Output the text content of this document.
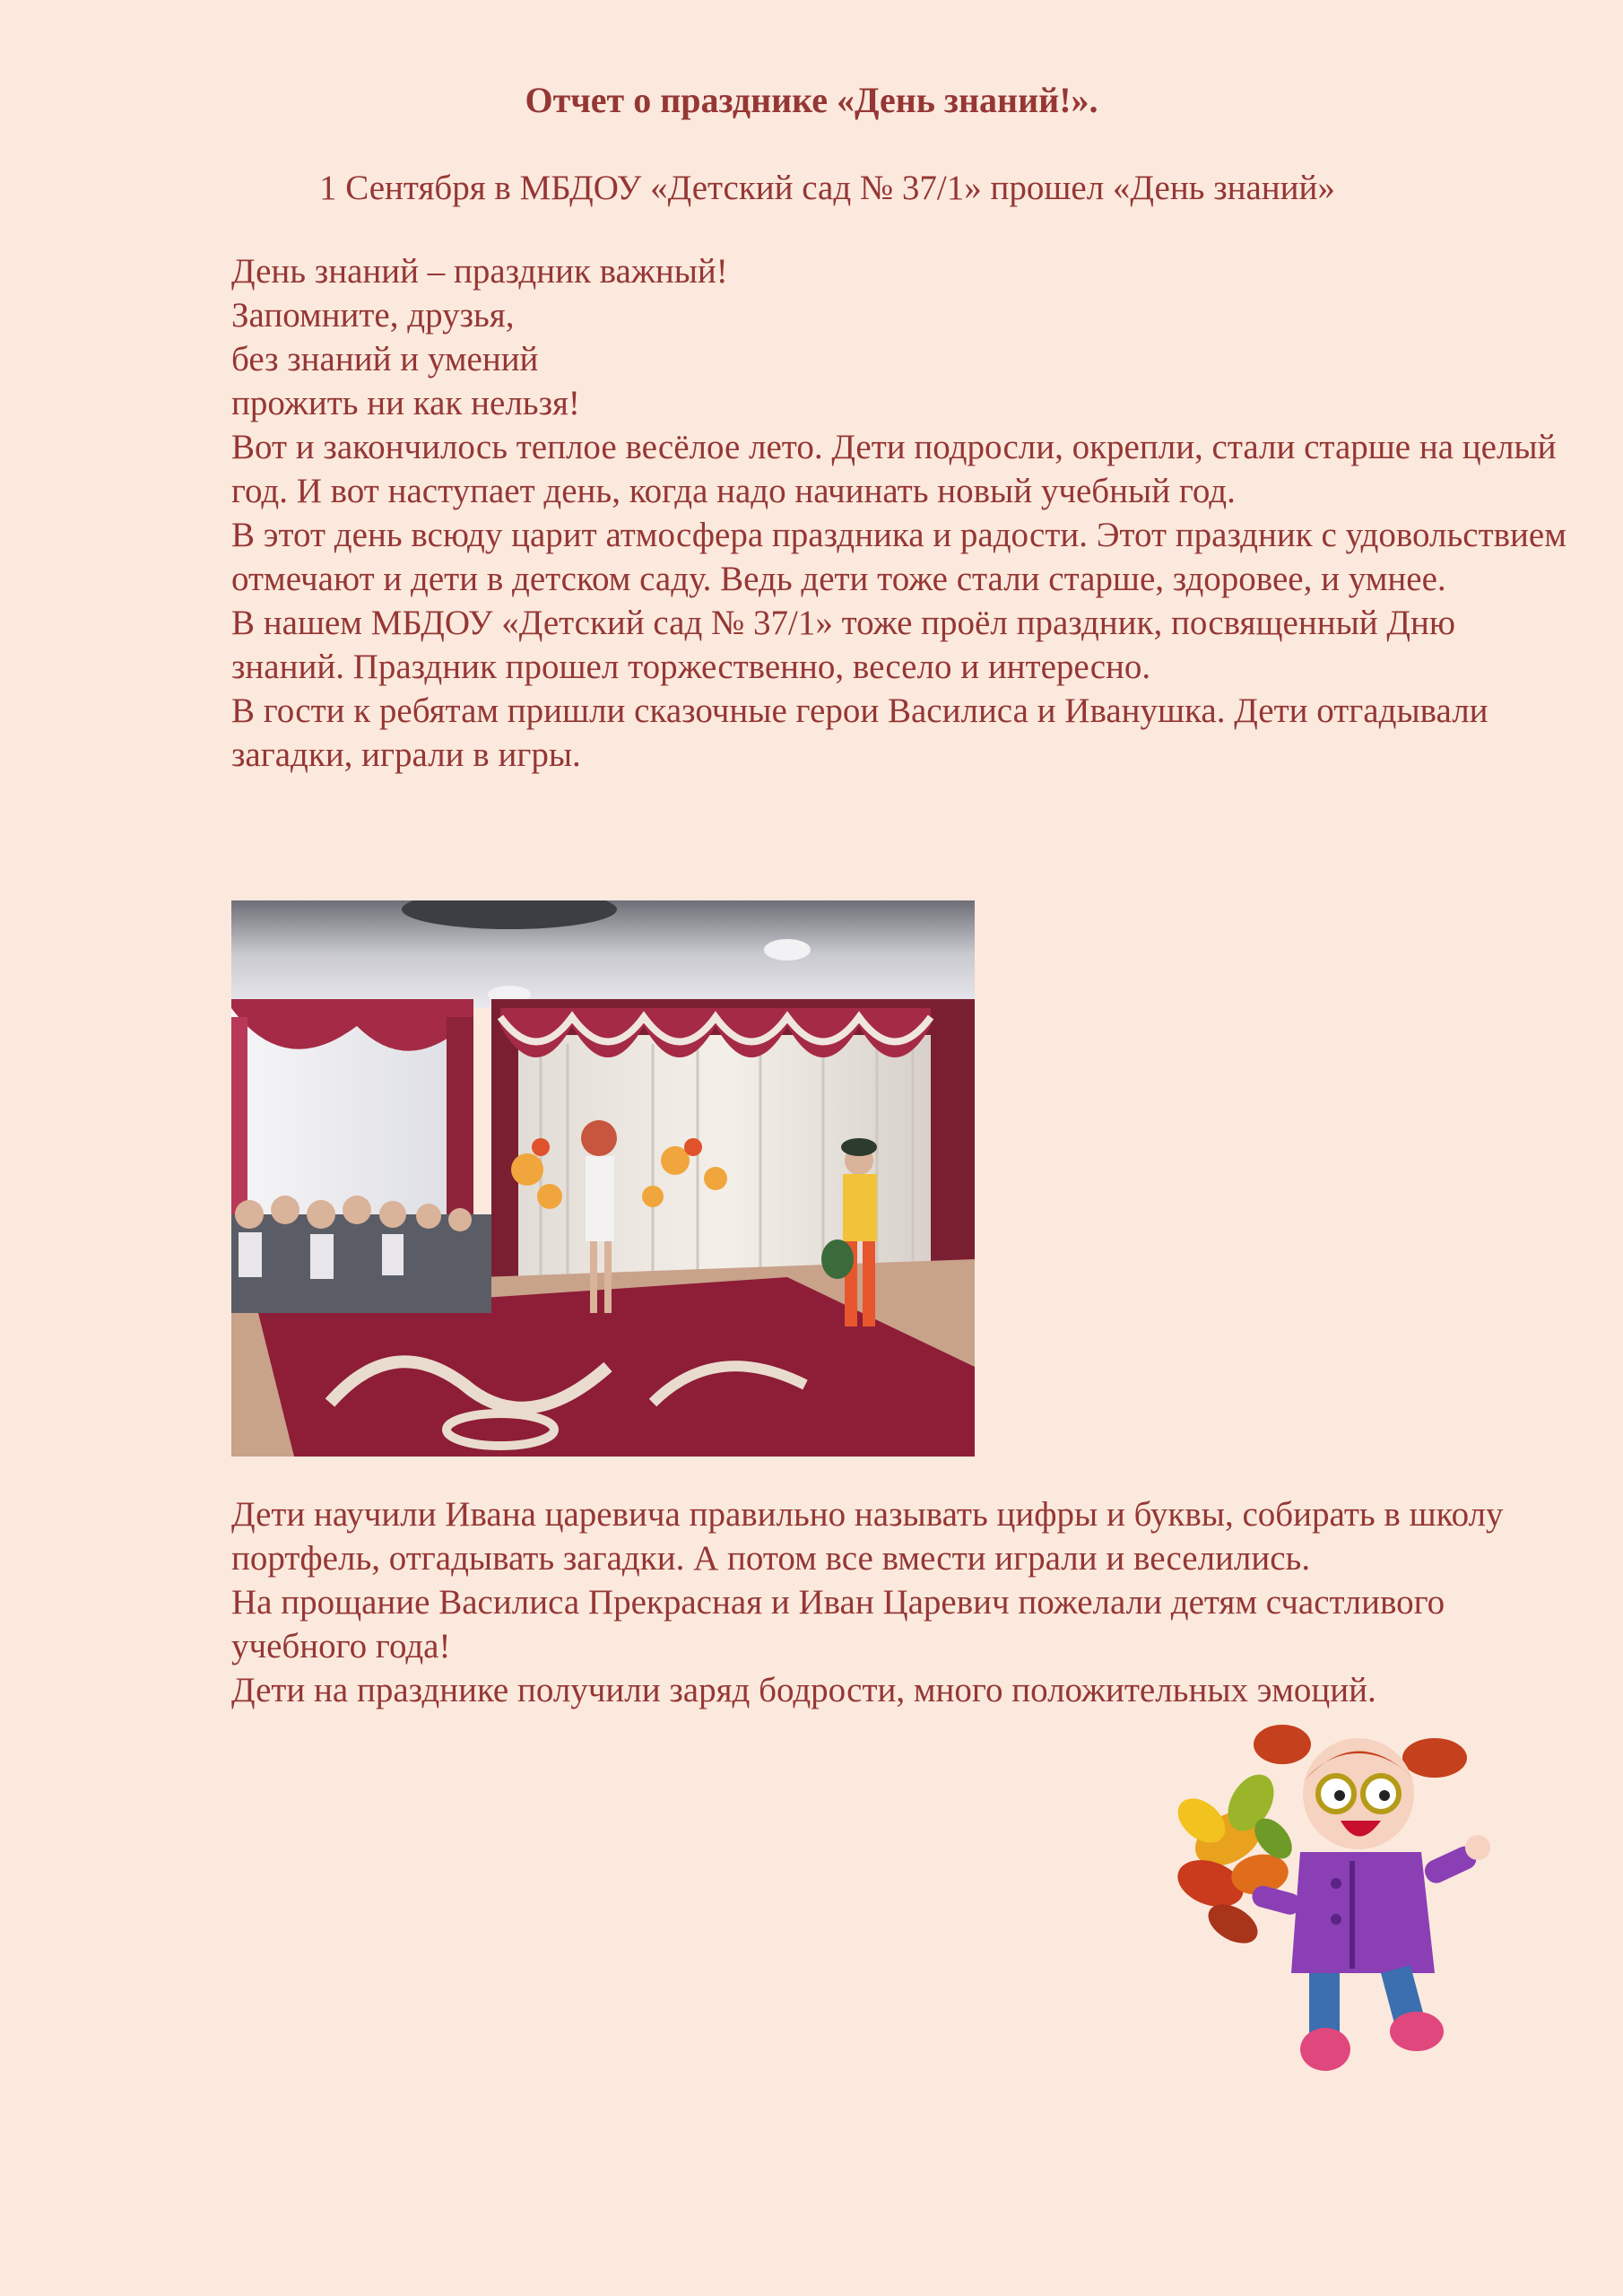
Отчет о празднике «День знаний!».

1 Сентября в МБДОУ «Детский сад № 37/1» прошел «День знаний»

День знаний – праздник важный!

Запомните, друзья,

без знаний и умений

прожить ни как нельзя!

Вот и закончилось теплое весёлое лето. Дети подросли, окрепли, стали старше на целый год. И вот наступает день, когда надо начинать новый учебный год.

В этот день всюду царит атмосфера праздника и радости. Этот праздник с удовольствием отмечают и дети в детском саду. Ведь дети тоже стали старше, здоровее, и умнее.

В нашем МБДОУ «Детский сад № 37/1» тоже проёл праздник, посвященный Дню знаний. Праздник прошел торжественно, весело и интересно.

В гости к ребятам пришли сказочные герои Василиса и Иванушка. Дети отгадывали загадки, играли в игры.

Дети научили Ивана царевича правильно называть цифры и буквы, собирать в школу портфель, отгадывать загадки. А потом все вмести играли и веселились.

На прощание Василиса Прекрасная и Иван Царевич пожелали детям счастливого учебного года!

Дети на празднике получили заряд бодрости, много положительных эмоций.
